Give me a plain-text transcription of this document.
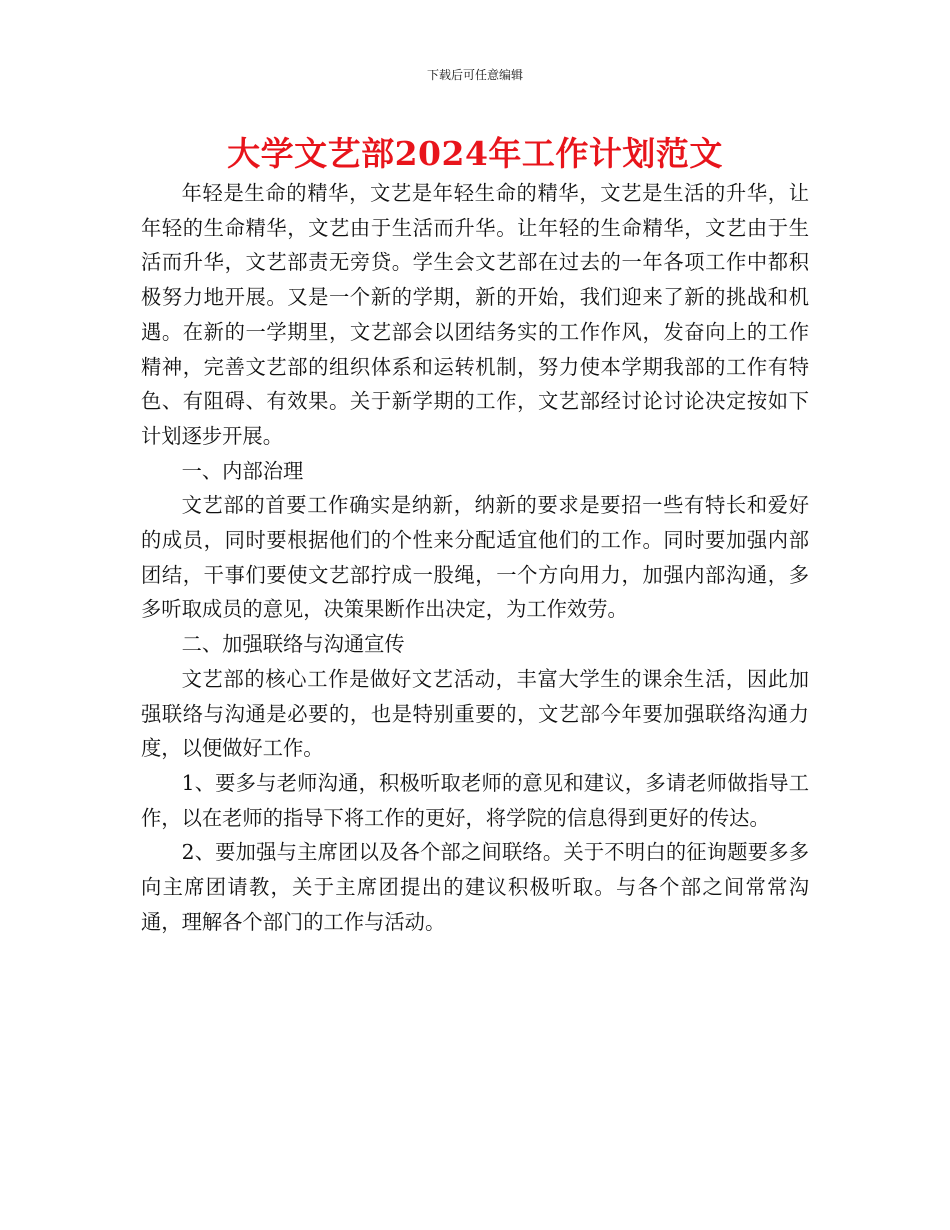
下载后可任意编辑
大学文艺部2024年工作计划范文

年轻是生命的精华，文艺是年轻生命的精华，文艺是生活的升华，让年轻的生命精华，文艺由于生活而升华。让年轻的生命精华，文艺由于生活而升华，文艺部责无旁贷。学生会文艺部在过去的一年各项工作中都积极努力地开展。又是一个新的学期，新的开始，我们迎来了新的挑战和机遇。在新的一学期里，文艺部会以团结务实的工作作风，发奋向上的工作精神，完善文艺部的组织体系和运转机制，努力使本学期我部的工作有特色、有阻碍、有效果。关于新学期的工作，文艺部经讨论讨论决定按如下计划逐步开展。

一、内部治理

文艺部的首要工作确实是纳新，纳新的要求是要招一些有特长和爱好的成员，同时要根据他们的个性来分配适宜他们的工作。同时要加强内部团结，干事们要使文艺部拧成一股绳，一个方向用力，加强内部沟通，多多听取成员的意见，决策果断作出决定，为工作效劳。

二、加强联络与沟通宣传

文艺部的核心工作是做好文艺活动，丰富大学生的课余生活，因此加强联络与沟通是必要的，也是特别重要的，文艺部今年要加强联络沟通力度，以便做好工作。

1、要多与老师沟通，积极听取老师的意见和建议，多请老师做指导工作，以在老师的指导下将工作的更好，将学院的信息得到更好的传达。

2、要加强与主席团以及各个部之间联络。关于不明白的征询题要多多向主席团请教，关于主席团提出的建议积极听取。与各个部之间常常沟通，理解各个部门的工作与活动。
